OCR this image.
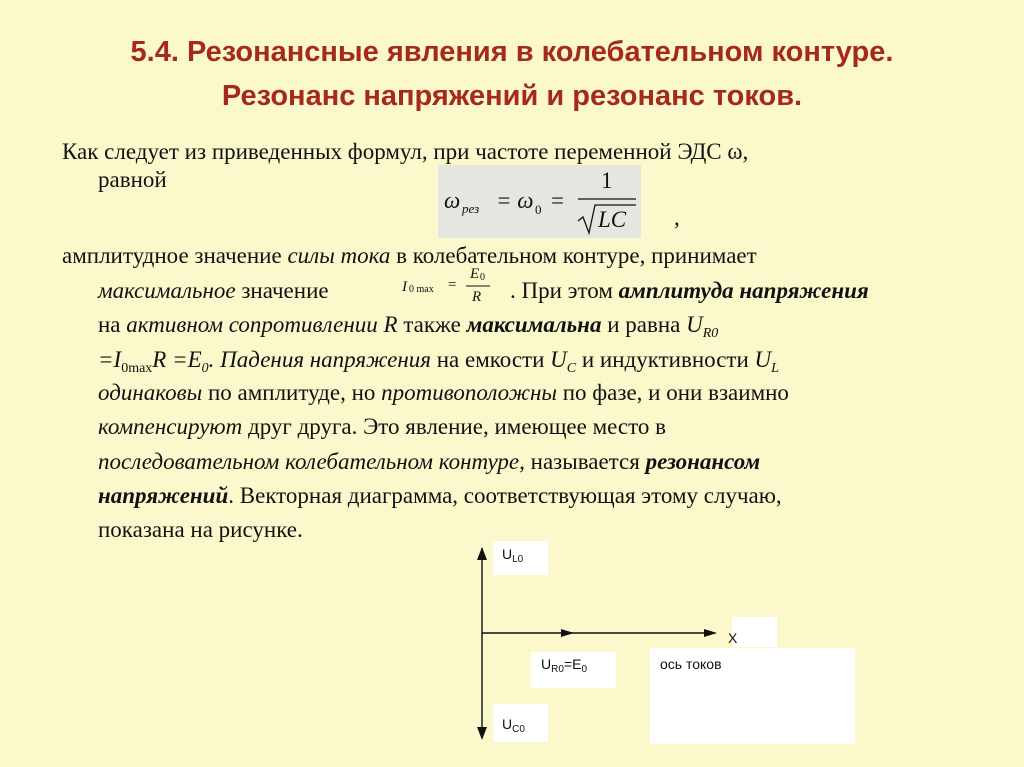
5.4. Резонансные явления в колебательном контуре.
Резонанс напряжений и резонанс токов.
Как следует из приведенных формул, при частоте переменной ЭДС ω,
равной
ω рез = ω 0 =
1
LC ,
амплитудное значение силы тока в колебательном контуре, принимает
максимальное значение	I 0 max =
E 0
R . При этом амплитуда напряжения
на активном сопротивлении R также максимальна и равна $U_{R0}$
$=I_{0max}R =E_0$. Падения напряжения на емкости $U_C$ и индуктивности $U_L$
одинаковы по амплитуде, но противоположны по фазе, и они взаимно
компенсируют друг друга. Это явление, имеющее место в
последовательном колебательном контуре, называется резонансом
напряжений. Векторная диаграмма, соответствующая этому случаю,
показана на рисунке.
$U_{L0}$
X
$U_{R0}=E_0$	ось токов
$U_{C0}$
